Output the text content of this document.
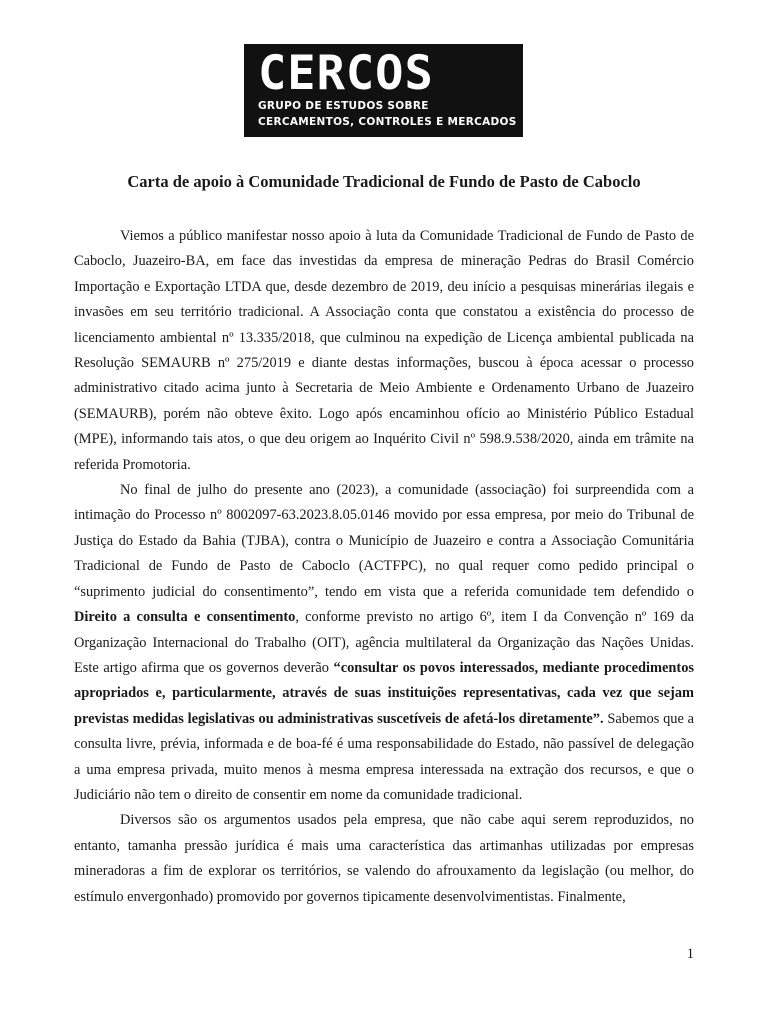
CERCOS
GRUPO DE ESTUDOS SOBRE
CERCAMENTOS, CONTROLES E MERCADOS
Carta de apoio à Comunidade Tradicional de Fundo de Pasto de Caboclo

Viemos a público manifestar nosso apoio à luta da Comunidade Tradicional de Fundo de Pasto de Caboclo, Juazeiro-BA, em face das investidas da empresa de mineração Pedras do Brasil Comércio Importação e Exportação LTDA que, desde dezembro de 2019, deu início a pesquisas minerárias ilegais e invasões em seu território tradicional. A Associação conta que constatou a existência do processo de licenciamento ambiental nº 13.335/2018, que culminou na expedição de Licença ambiental publicada na Resolução SEMAURB nº 275/2019 e diante destas informações, buscou à época acessar o processo administrativo citado acima junto à Secretaria de Meio Ambiente e Ordenamento Urbano de Juazeiro (SEMAURB), porém não obteve êxito. Logo após encaminhou ofício ao Ministério Público Estadual (MPE), informando tais atos, o que deu origem ao Inquérito Civil nº 598.9.538/2020, ainda em trâmite na referida Promotoria.

No final de julho do presente ano (2023), a comunidade (associação) foi surpreendida com a intimação do Processo nº 8002097-63.2023.8.05.0146 movido por essa empresa, por meio do Tribunal de Justiça do Estado da Bahia (TJBA), contra o Município de Juazeiro e contra a Associação Comunitária Tradicional de Fundo de Pasto de Caboclo (ACTFPC), no qual requer como pedido principal o “suprimento judicial do consentimento”, tendo em vista que a referida comunidade tem defendido o Direito a consulta e consentimento, conforme previsto no artigo 6º, item I da Convenção nº 169 da Organização Internacional do Trabalho (OIT), agência multilateral da Organização das Nações Unidas. Este artigo afirma que os governos deverão “consultar os povos interessados, mediante procedimentos apropriados e, particularmente, através de suas instituições representativas, cada vez que sejam previstas medidas legislativas ou administrativas suscetíveis de afetá-los diretamente”. Sabemos que a consulta livre, prévia, informada e de boa-fé é uma responsabilidade do Estado, não passível de delegação a uma empresa privada, muito menos à mesma empresa interessada na extração dos recursos, e que o Judiciário não tem o direito de consentir em nome da comunidade tradicional.

Diversos são os argumentos usados pela empresa, que não cabe aqui serem reproduzidos, no entanto, tamanha pressão jurídica é mais uma característica das artimanhas utilizadas por empresas mineradoras a fim de explorar os territórios, se valendo do afrouxamento da legislação (ou melhor, do estímulo envergonhado) promovido por governos tipicamente desenvolvimentistas. Finalmente,

1
